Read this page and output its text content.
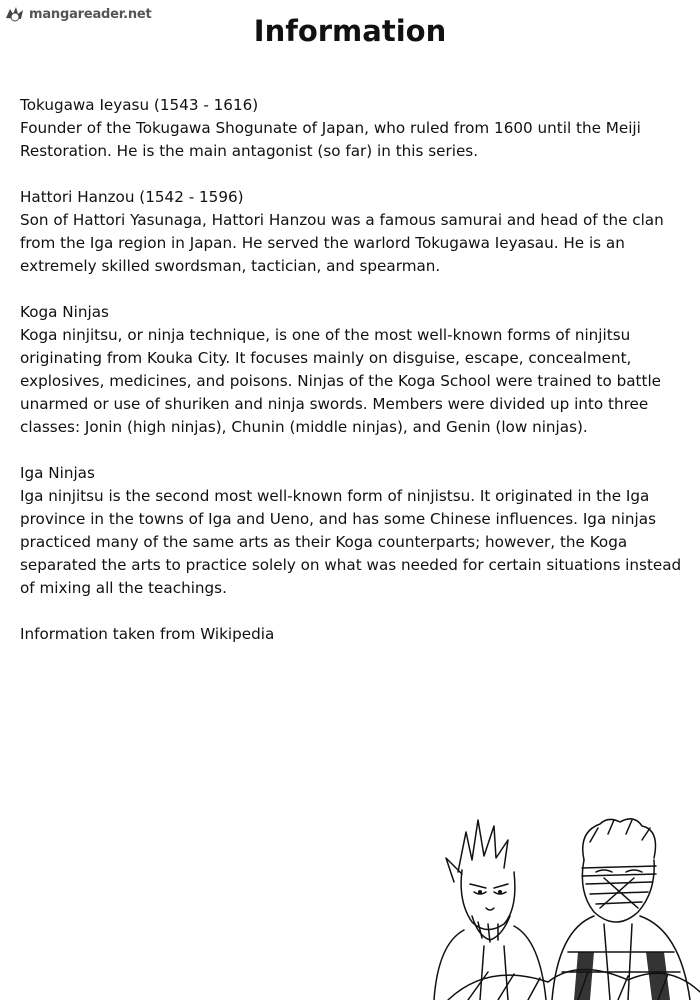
mangareader.net	Information

Tokugawa Ieyasu (1543 - 1616)

Founder of the Tokugawa Shogunate of Japan, who ruled from 1600 until the Meiji Restoration. He is the main antagonist (so far) in this series.

Hattori Hanzou (1542 - 1596)

Son of Hattori Yasunaga, Hattori Hanzou was a famous samurai and head of the clan from the Iga region in Japan. He served the warlord Tokugawa Ieyasau. He is an extremely skilled swordsman, tactician, and spearman.

Koga Ninjas

Koga ninjitsu, or ninja technique, is one of the most well-known forms of ninjitsu originating from Kouka City. It focuses mainly on disguise, escape, concealment, explosives, medicines, and poisons. Ninjas of the Koga School were trained to battle unarmed or use of shuriken and ninja swords. Members were divided up into three classes: Jonin (high ninjas), Chunin (middle ninjas), and Genin (low ninjas).

Iga Ninjas

Iga ninjitsu is the second most well-known form of ninjistsu. It originated in the Iga province in the towns of Iga and Ueno, and has some Chinese influences. Iga ninjas practiced many of the same arts as their Koga counterparts; however, the Koga separated the arts to practice solely on what was needed for certain situations instead of mixing all the teachings.

Information taken from Wikipedia
